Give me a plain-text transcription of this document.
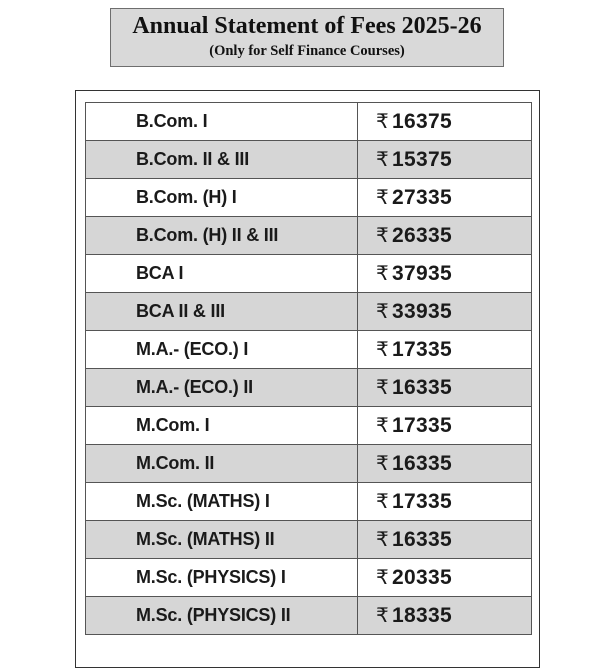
Annual Statement of Fees 2025-26
(Only for Self Finance Courses)
B.Com. I	₹ 16375
B.Com. II & III	₹ 15375
B.Com. (H) I	₹ 27335
B.Com. (H) II & III	₹ 26335
BCA I	₹ 37935
BCA II & III	₹ 33935
M.A.- (ECO.) I	₹ 17335
M.A.- (ECO.) II	₹ 16335
M.Com. I	₹ 17335
M.Com. II	₹ 16335
M.Sc. (MATHS) I	₹ 17335
M.Sc. (MATHS) II	₹ 16335
M.Sc. (PHYSICS) I	₹ 20335
M.Sc. (PHYSICS) II	₹ 18335
